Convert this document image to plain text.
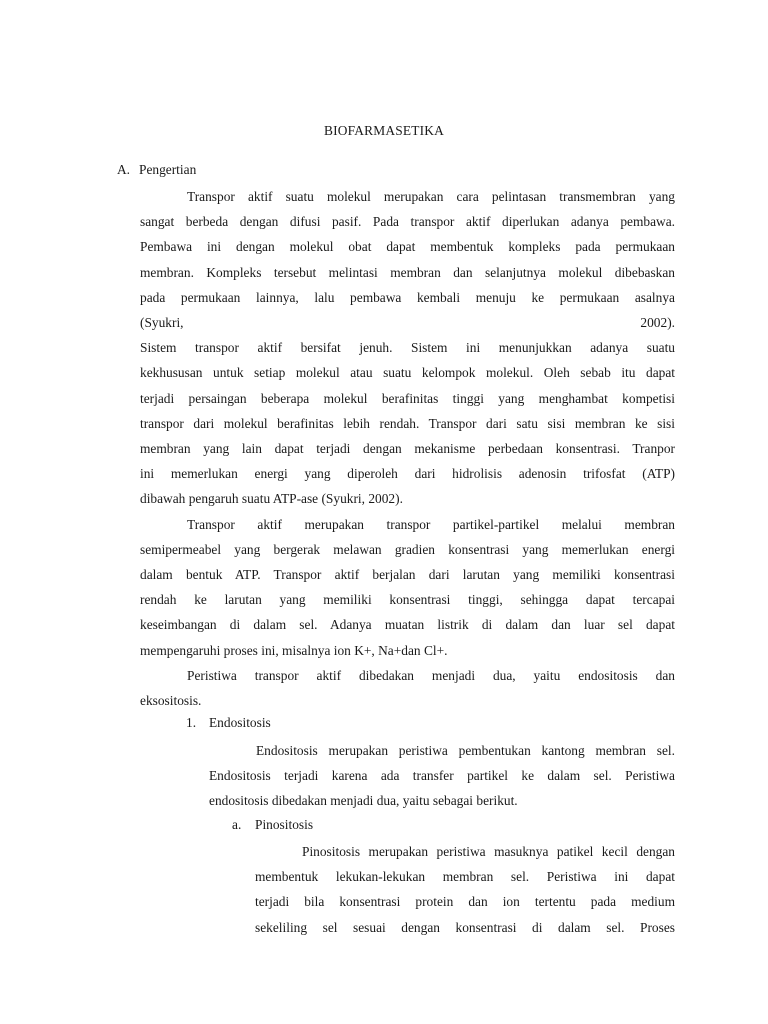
BIOFARMASETIKA
A. Pengertian
Transpor aktif suatu molekul merupakan cara pelintasan transmembran yang
sangat berbeda dengan difusi pasif. Pada transpor aktif diperlukan adanya pembawa.
Pembawa ini dengan molekul obat dapat membentuk kompleks pada permukaan
membran. Kompleks tersebut melintasi membran dan selanjutnya molekul dibebaskan
pada permukaan lainnya, lalu pembawa kembali menuju ke permukaan asalnya
(Syukri,	2002).
Sistem transpor aktif bersifat jenuh. Sistem ini menunjukkan adanya suatu
kekhususan untuk setiap molekul atau suatu kelompok molekul. Oleh sebab itu dapat
terjadi persaingan beberapa molekul berafinitas tinggi yang menghambat kompetisi
transpor dari molekul berafinitas lebih rendah. Transpor dari satu sisi membran ke sisi
membran yang lain dapat terjadi dengan mekanisme perbedaan konsentrasi. Tranpor
ini memerlukan energi yang diperoleh dari hidrolisis adenosin trifosfat (ATP)
dibawah pengaruh suatu ATP-ase (Syukri, 2002).
Transpor aktif merupakan transpor partikel-partikel melalui membran
semipermeabel yang bergerak melawan gradien konsentrasi yang memerlukan energi
dalam bentuk ATP. Transpor aktif berjalan dari larutan yang memiliki konsentrasi
rendah ke larutan yang memiliki konsentrasi tinggi, sehingga dapat tercapai
keseimbangan di dalam sel. Adanya muatan listrik di dalam dan luar sel dapat
mempengaruhi proses ini, misalnya ion K+, Na+dan Cl+.
Peristiwa transpor aktif dibedakan menjadi dua, yaitu endositosis dan
eksositosis.
1. Endositosis
Endositosis merupakan peristiwa pembentukan kantong membran sel.
Endositosis terjadi karena ada transfer partikel ke dalam sel. Peristiwa
endositosis dibedakan menjadi dua, yaitu sebagai berikut.
a. Pinositosis
Pinositosis merupakan peristiwa masuknya patikel kecil dengan
membentuk lekukan-lekukan membran sel. Peristiwa ini dapat
terjadi bila konsentrasi protein dan ion tertentu pada medium
sekeliling sel sesuai dengan konsentrasi di dalam sel. Proses
